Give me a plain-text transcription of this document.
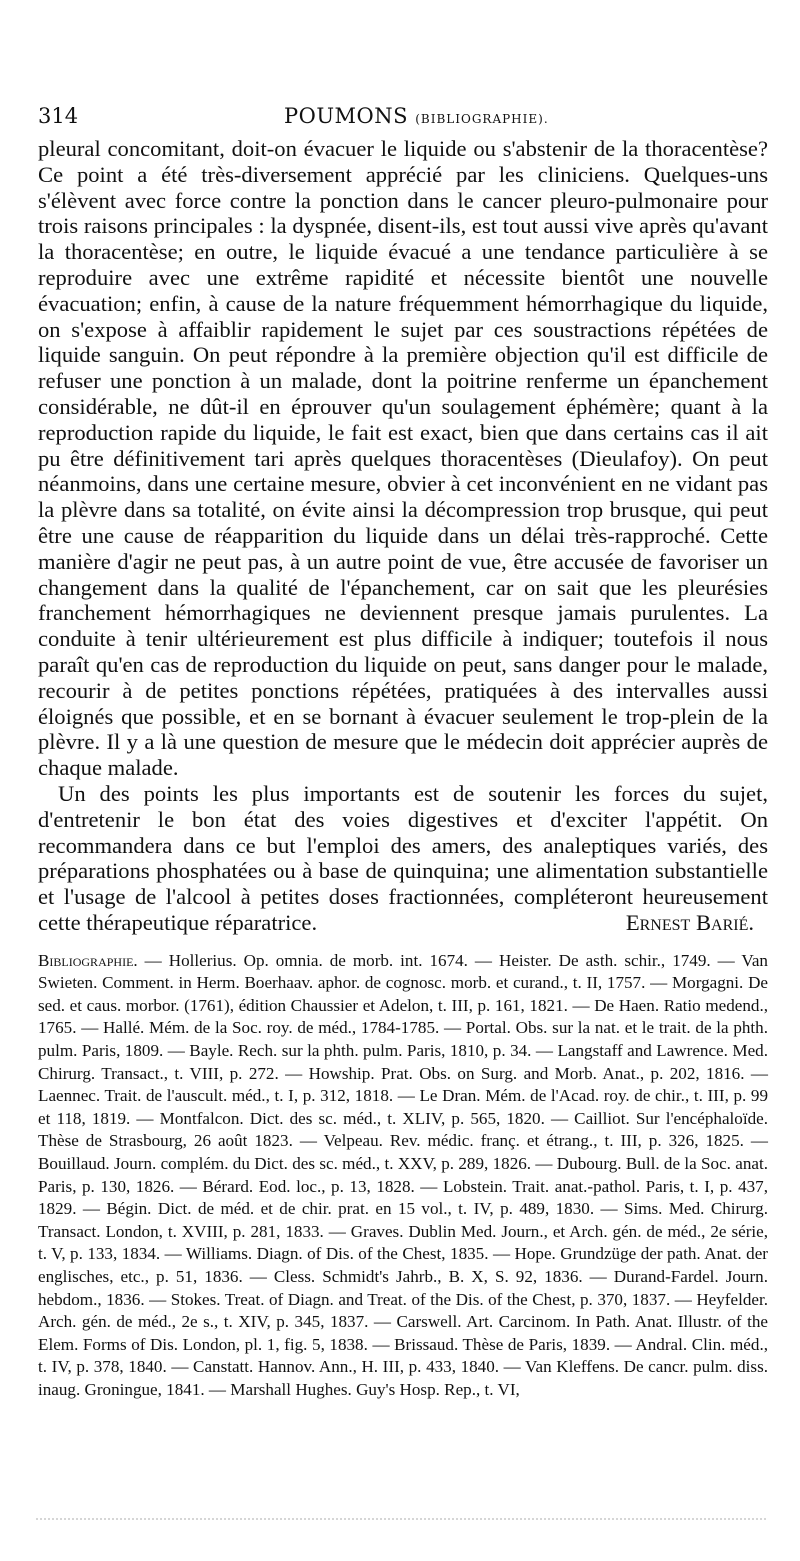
314	POUMONS (BIBLIOGRAPHIE).

pleural concomitant, doit-on évacuer le liquide ou s'abstenir de la thoracentèse? Ce point a été très-diversement apprécié par les cliniciens. Quelques-uns s'élèvent avec force contre la ponction dans le cancer pleuro-pulmonaire pour trois raisons principales : la dyspnée, disent-ils, est tout aussi vive après qu'avant la thoracentèse; en outre, le liquide évacué a une tendance particulière à se reproduire avec une extrême rapidité et nécessite bientôt une nouvelle évacuation; enfin, à cause de la nature fréquemment hémorrhagique du liquide, on s'expose à affaiblir rapidement le sujet par ces soustractions répétées de liquide sanguin. On peut répondre à la première objection qu'il est difficile de refuser une ponction à un malade, dont la poitrine renferme un épanchement considérable, ne dût-il en éprouver qu'un soulagement éphémère; quant à la reproduction rapide du liquide, le fait est exact, bien que dans certains cas il ait pu être définitivement tari après quelques thoracentèses (Dieulafoy). On peut néanmoins, dans une certaine mesure, obvier à cet inconvénient en ne vidant pas la plèvre dans sa totalité, on évite ainsi la décompression trop brusque, qui peut être une cause de réapparition du liquide dans un délai très-rapproché. Cette manière d'agir ne peut pas, à un autre point de vue, être accusée de favoriser un changement dans la qualité de l'épanchement, car on sait que les pleurésies franchement hémorrhagiques ne deviennent presque jamais purulentes. La conduite à tenir ultérieurement est plus difficile à indiquer; toutefois il nous paraît qu'en cas de reproduction du liquide on peut, sans danger pour le malade, recourir à de petites ponctions répétées, pratiquées à des intervalles aussi éloignés que possible, et en se bornant à évacuer seulement le trop-plein de la plèvre. Il y a là une question de mesure que le médecin doit apprécier auprès de chaque malade.

Un des points les plus importants est de soutenir les forces du sujet, d'entretenir le bon état des voies digestives et d'exciter l'appétit. On recommandera dans ce but l'emploi des amers, des analeptiques variés, des préparations phosphatées ou à base de quinquina; une alimentation substantielle et l'usage de l'alcool à petites doses fractionnées, compléteront heureusement cette thérapeutique réparatrice.	Ernest Barié.

Bibliographie. — Hollerius. Op. omnia. de morb. int. 1674. — Heister. De asth. schir., 1749. — Van Swieten. Comment. in Herm. Boerhaav. aphor. de cognosc. morb. et curand., t. II, 1757. — Morgagni. De sed. et caus. morbor. (1761), édition Chaussier et Adelon, t. III, p. 161, 1821. — De Haen. Ratio medend., 1765. — Hallé. Mém. de la Soc. roy. de méd., 1784-1785. — Portal. Obs. sur la nat. et le trait. de la phth. pulm. Paris, 1809. — Bayle. Rech. sur la phth. pulm. Paris, 1810, p. 34. — Langstaff and Lawrence. Med. Chirurg. Transact., t. VIII, p. 272. — Howship. Prat. Obs. on Surg. and Morb. Anat., p. 202, 1816. — Laennec. Trait. de l'auscult. méd., t. I, p. 312, 1818. — Le Dran. Mém. de l'Acad. roy. de chir., t. III, p. 99 et 118, 1819. — Montfalcon. Dict. des sc. méd., t. XLIV, p. 565, 1820. — Cailliot. Sur l'encéphaloïde. Thèse de Strasbourg, 26 août 1823. — Velpeau. Rev. médic. franç. et étrang., t. III, p. 326, 1825. — Bouillaud. Journ. complém. du Dict. des sc. méd., t. XXV, p. 289, 1826. — Dubourg. Bull. de la Soc. anat. Paris, p. 130, 1826. — Bérard. Eod. loc., p. 13, 1828. — Lobstein. Trait. anat.-pathol. Paris, t. I, p. 437, 1829. — Bégin. Dict. de méd. et de chir. prat. en 15 vol., t. IV, p. 489, 1830. — Sims. Med. Chirurg. Transact. London, t. XVIII, p. 281, 1833. — Graves. Dublin Med. Journ., et Arch. gén. de méd., 2e série, t. V, p. 133, 1834. — Williams. Diagn. of Dis. of the Chest, 1835. — Hope. Grundzüge der path. Anat. der englisches, etc., p. 51, 1836. — Cless. Schmidt's Jahrb., B. X, S. 92, 1836. — Durand-Fardel. Journ. hebdom., 1836. — Stokes. Treat. of Diagn. and Treat. of the Dis. of the Chest, p. 370, 1837. — Heyfelder. Arch. gén. de méd., 2e s., t. XIV, p. 345, 1837. — Carswell. Art. Carcinom. In Path. Anat. Illustr. of the Elem. Forms of Dis. London, pl. 1, fig. 5, 1838. — Brissaud. Thèse de Paris, 1839. — Andral. Clin. méd., t. IV, p. 378, 1840. — Canstatt. Hannov. Ann., H. III, p. 433, 1840. — Van Kleffens. De cancr. pulm. diss. inaug. Groningue, 1841. — Marshall Hughes. Guy's Hosp. Rep., t. VI,
